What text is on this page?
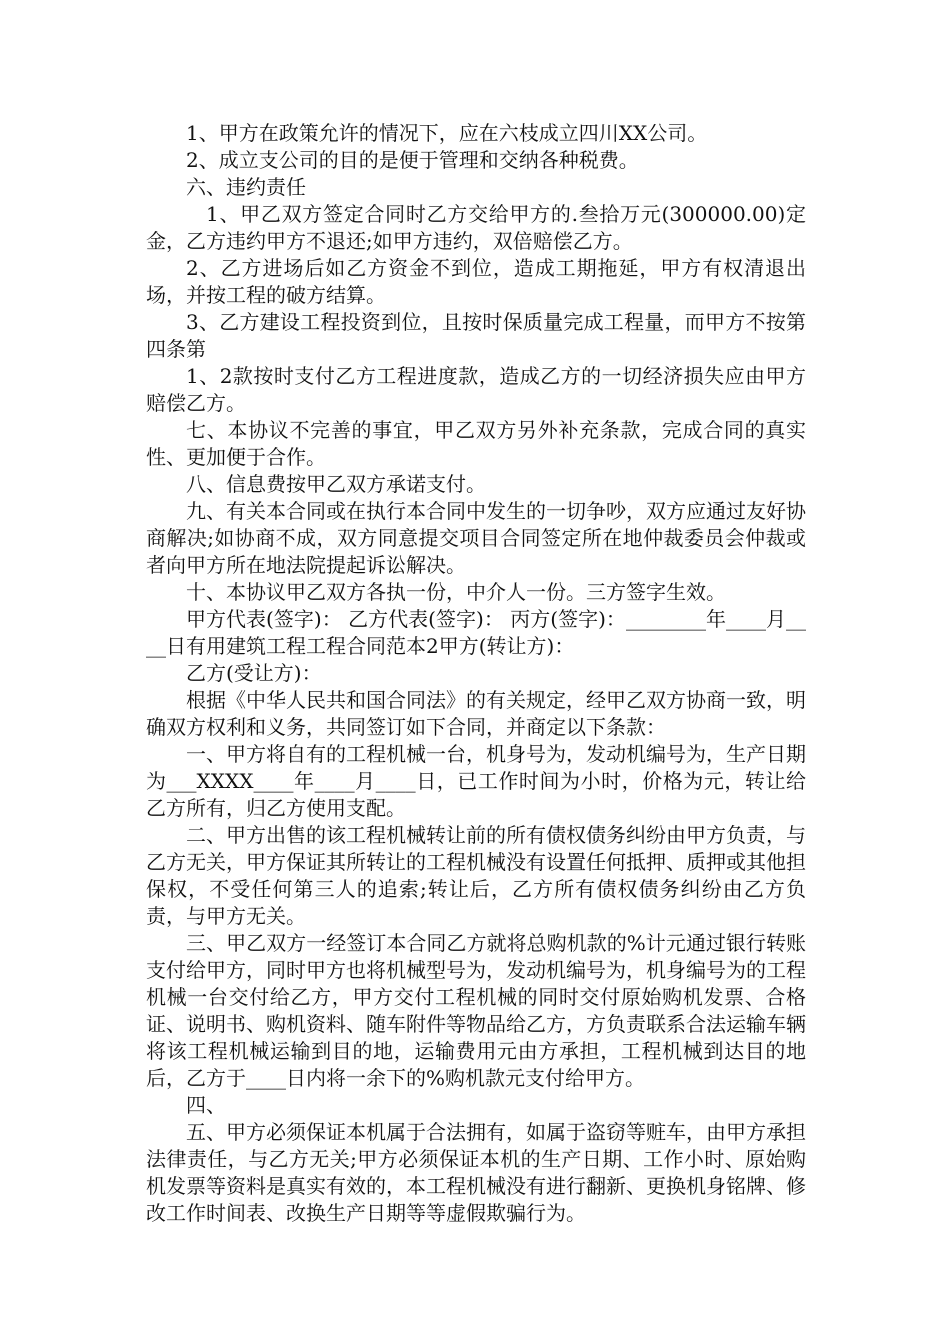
1、甲方在政策允许的情况下，应在六枝成立四川XX公司。

2、成立支公司的目的是便于管理和交纳各种税费。

六、违约责任

1、甲乙双方签定合同时乙方交给甲方的.叁拾万元(300000.00)定金，乙方违约甲方不退还;如甲方违约，双倍赔偿乙方。

2、乙方进场后如乙方资金不到位，造成工期拖延，甲方有权清退出场，并按工程的破方结算。

3、乙方建设工程投资到位，且按时保质量完成工程量，而甲方不按第四条第

1、2款按时支付乙方工程进度款，造成乙方的一切经济损失应由甲方赔偿乙方。

七、本协议不完善的事宜，甲乙双方另外补充条款，完成合同的真实性、更加便于合作。

八、信息费按甲乙双方承诺支付。

九、有关本合同或在执行本合同中发生的一切争吵，双方应通过友好协商解决;如协商不成，双方同意提交项目合同签定所在地仲裁委员会仲裁或者向甲方所在地法院提起诉讼解决。

十、本协议甲乙双方各执一份，中介人一份。三方签字生效。

甲方代表(签字)： 乙方代表(签字)： 丙方(签字)：________年____月____日有用建筑工程工程合同范本2甲方(转让方)：

乙方(受让方)：

根据《中华人民共和国合同法》的有关规定，经甲乙双方协商一致，明确双方权利和义务，共同签订如下合同，并商定以下条款：

一、甲方将自有的工程机械一台，机身号为，发动机编号为，生产日期为___XXXX____年____月____日，已工作时间为小时，价格为元，转让给乙方所有，归乙方使用支配。

二、甲方出售的该工程机械转让前的所有债权债务纠纷由甲方负责，与乙方无关，甲方保证其所转让的工程机械没有设置任何抵押、质押或其他担保权，不受任何第三人的追索;转让后，乙方所有债权债务纠纷由乙方负责，与甲方无关。

三、甲乙双方一经签订本合同乙方就将总购机款的%计元通过银行转账支付给甲方，同时甲方也将机械型号为，发动机编号为，机身编号为的工程机械一台交付给乙方，甲方交付工程机械的同时交付原始购机发票、合格证、说明书、购机资料、随车附件等物品给乙方，方负责联系合法运输车辆将该工程机械运输到目的地，运输费用元由方承担，工程机械到达目的地后，乙方于____日内将一余下的%购机款元支付给甲方。

四、

五、甲方必须保证本机属于合法拥有，如属于盗窃等赃车，由甲方承担法律责任，与乙方无关;甲方必须保证本机的生产日期、工作小时、原始购机发票等资料是真实有效的，本工程机械没有进行翻新、更换机身铭牌、修改工作时间表、改换生产日期等等虚假欺骗行为。
